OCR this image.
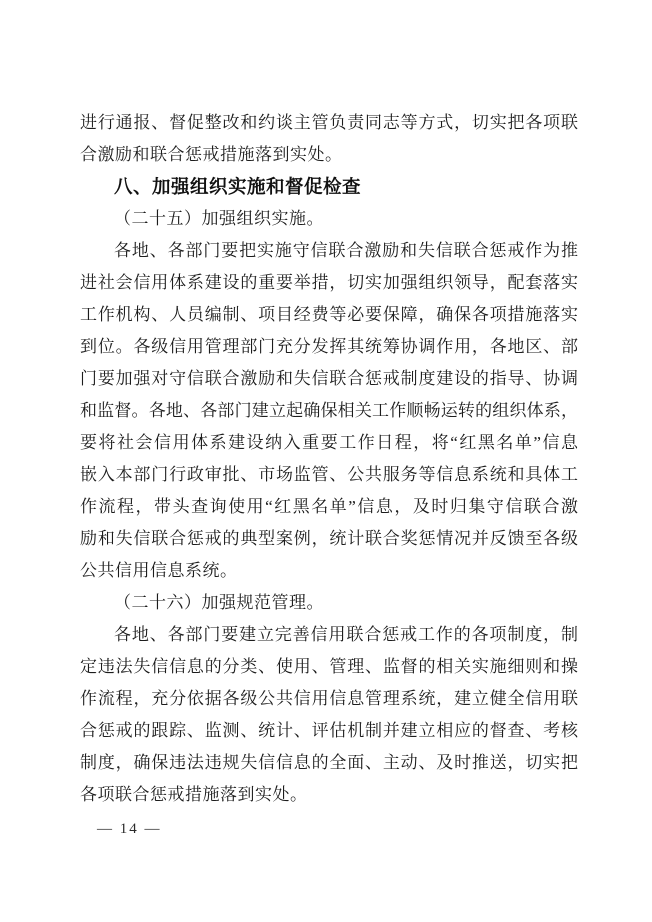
进行通报、督促整改和约谈主管负责同志等方式，切实把各项联
合激励和联合惩戒措施落到实处。
八、加强组织实施和督促检查
（二十五）加强组织实施。
各地、各部门要把实施守信联合激励和失信联合惩戒作为推
进社会信用体系建设的重要举措，切实加强组织领导，配套落实
工作机构、人员编制、项目经费等必要保障，确保各项措施落实
到位。各级信用管理部门充分发挥其统筹协调作用，各地区、部
门要加强对守信联合激励和失信联合惩戒制度建设的指导、协调
和监督。各地、各部门建立起确保相关工作顺畅运转的组织体系，
要将社会信用体系建设纳入重要工作日程，将“红黑名单”信息
嵌入本部门行政审批、市场监管、公共服务等信息系统和具体工
作流程，带头查询使用“红黑名单”信息，及时归集守信联合激
励和失信联合惩戒的典型案例，统计联合奖惩情况并反馈至各级
公共信用信息系统。
（二十六）加强规范管理。
各地、各部门要建立完善信用联合惩戒工作的各项制度，制
定违法失信信息的分类、使用、管理、监督的相关实施细则和操
作流程，充分依据各级公共信用信息管理系统，建立健全信用联
合惩戒的跟踪、监测、统计、评估机制并建立相应的督查、考核
制度，确保违法违规失信信息的全面、主动、及时推送，切实把
各项联合惩戒措施落到实处。
— 14 —
